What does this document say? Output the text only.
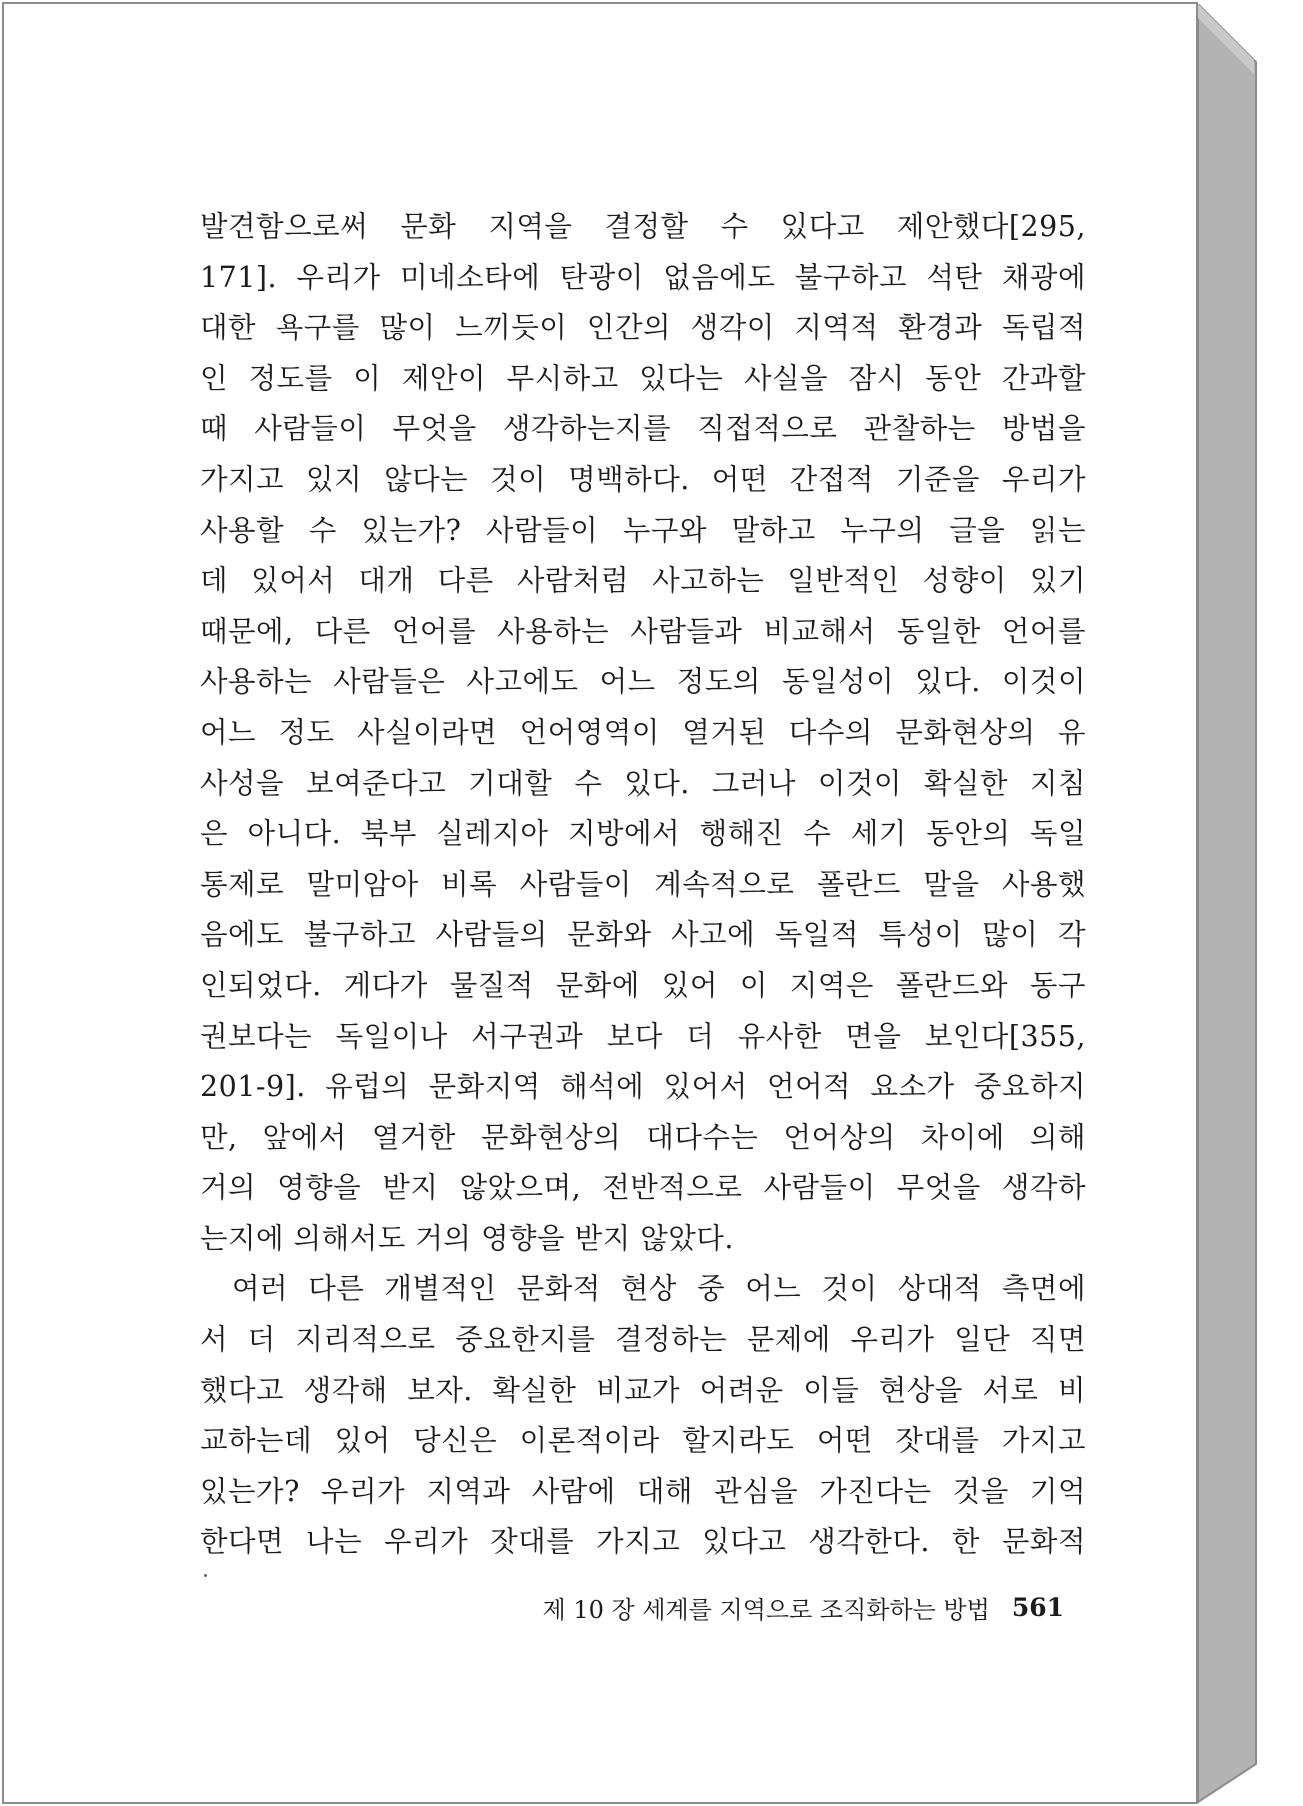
발견함으로써 문화 지역을 결정할 수 있다고 제안했다[295,
171]. 우리가 미네소타에 탄광이 없음에도 불구하고 석탄 채광에
대한 욕구를 많이 느끼듯이 인간의 생각이 지역적 환경과 독립적
인 정도를 이 제안이 무시하고 있다는 사실을 잠시 동안 간과할
때 사람들이 무엇을 생각하는지를 직접적으로 관찰하는 방법을
가지고 있지 않다는 것이 명백하다. 어떤 간접적 기준을 우리가
사용할 수 있는가? 사람들이 누구와 말하고 누구의 글을 읽는
데 있어서 대개 다른 사람처럼 사고하는 일반적인 성향이 있기
때문에, 다른 언어를 사용하는 사람들과 비교해서 동일한 언어를
사용하는 사람들은 사고에도 어느 정도의 동일성이 있다. 이것이
어느 정도 사실이라면 언어영역이 열거된 다수의 문화현상의 유
사성을 보여준다고 기대할 수 있다. 그러나 이것이 확실한 지침
은 아니다. 북부 실레지아 지방에서 행해진 수 세기 동안의 독일
통제로 말미암아 비록 사람들이 계속적으로 폴란드 말을 사용했
음에도 불구하고 사람들의 문화와 사고에 독일적 특성이 많이 각
인되었다. 게다가 물질적 문화에 있어 이 지역은 폴란드와 동구
권보다는 독일이나 서구권과 보다 더 유사한 면을 보인다[355,
201-9]. 유럽의 문화지역 해석에 있어서 언어적 요소가 중요하지
만, 앞에서 열거한 문화현상의 대다수는 언어상의 차이에 의해
거의 영향을 받지 않았으며, 전반적으로 사람들이 무엇을 생각하
는지에 의해서도 거의 영향을 받지 않았다.
여러 다른 개별적인 문화적 현상 중 어느 것이 상대적 측면에
서 더 지리적으로 중요한지를 결정하는 문제에 우리가 일단 직면
했다고 생각해 보자. 확실한 비교가 어려운 이들 현상을 서로 비
교하는데 있어 당신은 이론적이라 할지라도 어떤 잣대를 가지고
있는가? 우리가 지역과 사람에 대해 관심을 가진다는 것을 기억
한다면 나는 우리가 잣대를 가지고 있다고 생각한다. 한 문화적
제 10 장 세계를 지역으로 조직화하는 방법 561
